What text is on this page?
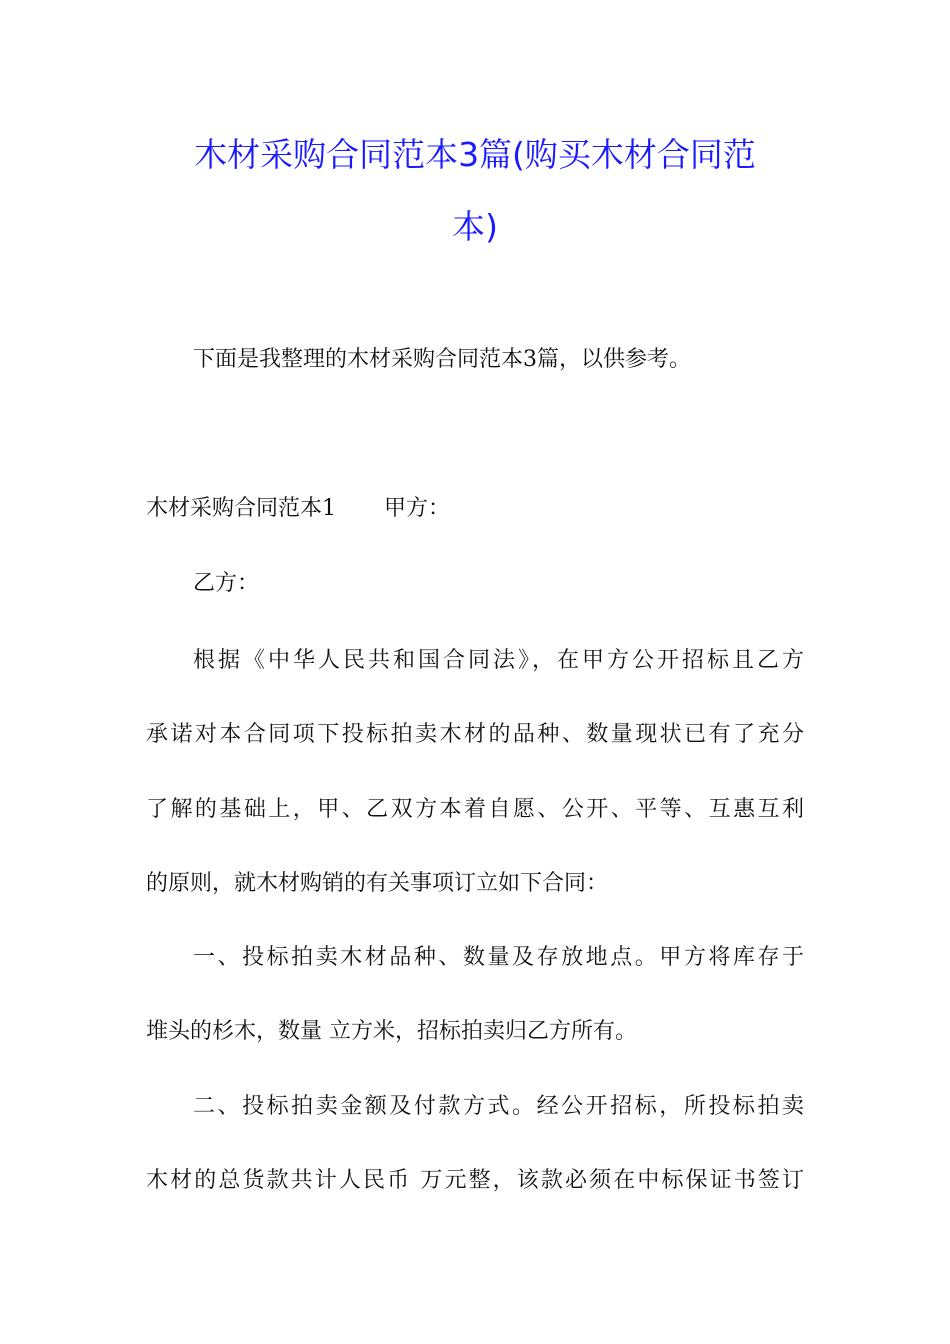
木材采购合同范本3篇(购买木材合同范
本)

下面是我整理的木材采购合同范本3篇，以供参考。

木材采购合同范本1 甲方：

乙方：

根据《中华人民共和国合同法》，在甲方公开招标且乙方

承诺对本合同项下投标拍卖木材的品种、数量现状已有了充分

了解的基础上，甲、乙双方本着自愿、公开、平等、互惠互利

的原则，就木材购销的有关事项订立如下合同：

一、投标拍卖木材品种、数量及存放地点。甲方将库存于

堆头的杉木，数量 立方米，招标拍卖归乙方所有。

二、投标拍卖金额及付款方式。经公开招标，所投标拍卖

木材的总货款共计人民币 万元整，该款必须在中标保证书签订
